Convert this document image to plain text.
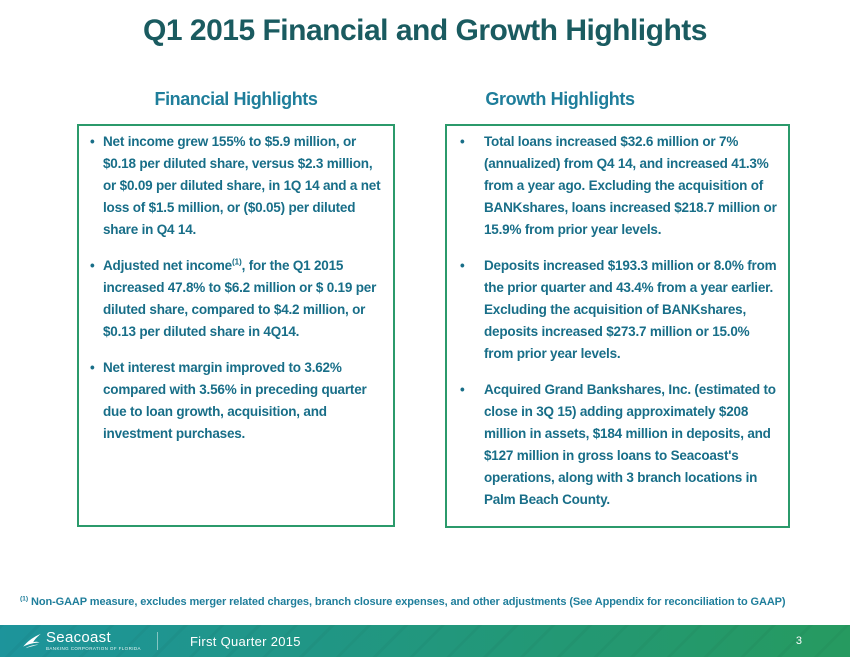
Q1 2015 Financial and Growth Highlights
Financial Highlights	Growth Highlights
• Net income grew 155% to $5.9 million, or $0.18 per diluted share, versus $2.3 million, or $0.09 per diluted share, in 1Q 14 and a net loss of $1.5 million, or ($0.05) per diluted share in Q4 14.
• Adjusted net income$^{(1)}$, for the Q1 2015 increased 47.8% to $6.2 million or $ 0.19 per diluted share, compared to $4.2 million, or $0.13 per diluted share in 4Q14.
• Net interest margin improved to 3.62% compared with 3.56% in preceding quarter due to loan growth, acquisition, and investment purchases.
• Total loans increased $32.6 million or 7% (annualized) from Q4 14, and increased 41.3% from a year ago. Excluding the acquisition of BANKshares, loans increased $218.7 million or 15.9% from prior year levels.
• Deposits increased $193.3 million or 8.0% from the prior quarter and 43.4% from a year earlier. Excluding the acquisition of BANKshares, deposits increased $273.7 million or 15.0% from prior year levels.
• Acquired Grand Bankshares, Inc. (estimated to close in 3Q 15) adding approximately $208 million in assets, $184 million in deposits, and $127 million in gross loans to Seacoast's operations, along with 3 branch locations in Palm Beach County.
$^{(1)}$ Non-GAAP measure, excludes merger related charges, branch closure expenses, and other adjustments (See Appendix for reconciliation to GAAP)
Seacoast
BANKING CORPORATION OF FLORIDA
First Quarter 2015	3
